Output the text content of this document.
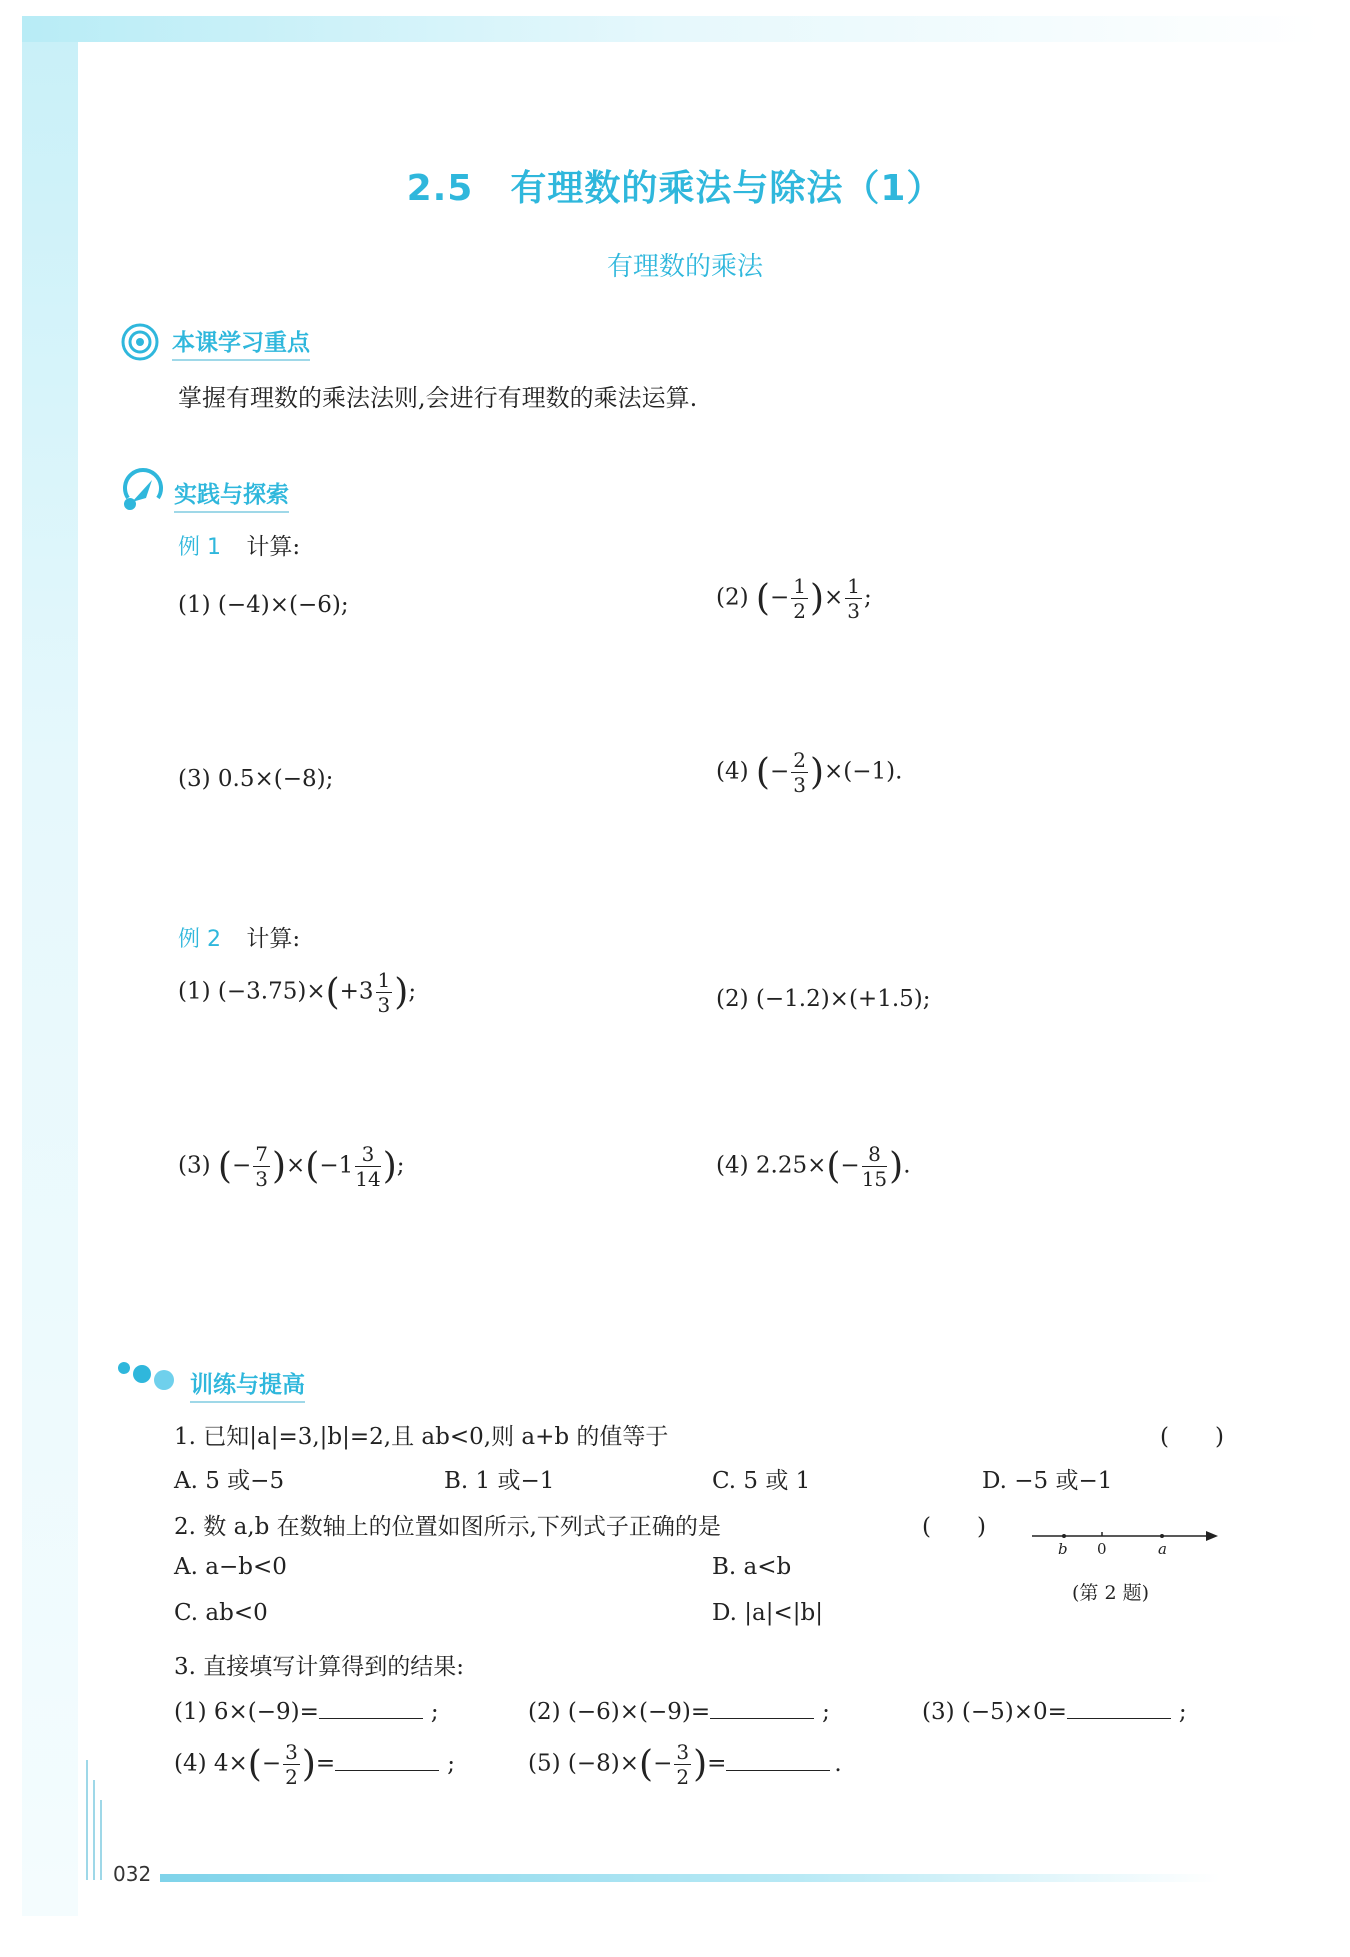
2.5　有理数的乘法与除法（1）
有理数的乘法
本课学习重点
掌握有理数的乘法法则,会进行有理数的乘法运算.
实践与探索
例 1 计算:
(1) (−4)×(−6);	(2) (− $\frac{1}{2}$ )× $\frac{1}{3}$ ;
(3) 0.5×(−8);	(4) (− $\frac{2}{3} )\times(-1)$.
例 2 计算:
(1) $(-3.75)\times(+3 \frac{1}{3}$ );	(2) (−1.2)×(+1.5);
(3) (− $\frac{7}{3} )\times(-1 \frac{3}{14}$ );	(4) $2.25\times(- \frac{8}{15}$ ).
训练与提高
1. 已知|a|=3,|b|=2,且 ab<0,则 a+b 的值等于	(　　)
A. 5 或−5	B. 1 或−1	C. 5 或 1	D. −5 或−1
2. 数 a,b 在数轴上的位置如图所示,下列式子正确的是	(　　)
A. a−b<0	B. a<b
C. ab<0	D. |a|<|b|
b 0	a
(第 2 题)
3. 直接填写计算得到的结果:
(1) 6×(−9)=	;	(2) (−6)×(−9)=	;	(3) (−5)×0=	;
(4) $4\times(- \frac{3}{2}$ )=	;	(5) $(-8)\times(- \frac{3}{2}$ )=	.
032
